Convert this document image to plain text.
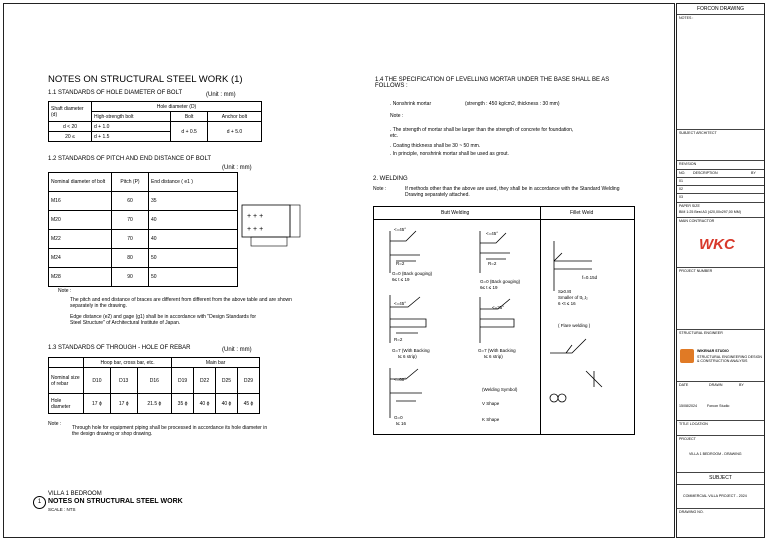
NOTES ON STRUCTURAL STEEL WORK (1)
1.1 STANDARDS OF HOLE DIAMETER OF BOLT	(Unit : mm)
Shaft diameter (d)	Hole diameter (D)		
	High-strength bolt	Bolt	Anchor bolt
d < 20	d + 1.0	d + 0.5	d + 5.0
20 ≤	d + 1.5		
1.2 STANDARDS OF PITCH AND END DISTANCE OF BOLT
(Unit : mm)
Nominal diameter of bolt	Pitch (P)	End distance ( e1 )
M16	60	35
M20	70	40
M22	70	40
M24	80	50
M28	90	50
+ + +
+ + +
Note :
The pitch and end distance of braces are different from different from the above table and are shown separately in the drawing.
Edge distance (e2) and gage (g1) shall be in accordance with "Design Standards for Steel Structure" of Architectural Institute of Japan.
1.3 STANDARDS OF THROUGH - HOLE OF REBAR	(Unit : mm)
	Hoop bar, cross bar, etc.			Main bar			
Nominal size of rebar	D10	D13	D16	D19	D22	D25	D29
Hole diameter	17 ϕ	17 ϕ	21.5 ϕ	35 ϕ	40 ϕ	40 ϕ	45 ϕ
Note :
Through hole for equipment piping shall be processed in accordance its hole diameter in the design drawing or shop drawing.
1.4 THE SPECIFICATION OF LEVELLING MORTAR UNDER THE BASE SHALL BE AS FOLLOWS :
. Nonshrink mortar	(strength : 450 kg/cm2, thickness : 30 mm)
Note :
. The strength of mortar shall be larger than the strength of concrete for foundation, etc.
. Coating thickness shall be 30 ~ 50 mm.
. In principle, nonshrink mortar shall be used as grout.
2. WELDING
Note :	If methods other than the above are used, they shall be in accordance with the Standard Welding Drawing separately attached.
Butt Welding	Fillet Weld
<=45°
<=45°
R=2	R=2
G=0 (Back gouging)
6≤ t ≤ 19	G=0 (Back gouging)
6≤ t ≤ 19
<=45°
<=35°
R=2
G=7 (With Backing
t≤ 6 strip)
G=7 (With Backing
t≤ 6 strip)
<=60°
G=0
t≤ 16
(Welding Symbol)
V Shape
K Shape
f=0.15d
S≥0.8t
Smaller of tt₁,t₂
6 <t ≤ 16
( Flare welding )
1
VILLA 1 BEDROOM
NOTES ON STRUCTURAL STEEL WORK
SCALE : NTS
FORCON DRAWING
NOTES :
SUBJECT ARCHITECT
REVISION
NO. DESCRIPTION	BY
01
02
03
PAPER SIZE
BIM 1:25 Best A3 (420,00x297,00 MM)
MAIN CONTRACTOR
WKC
PROJECT NUMBER
STRUCTURAL ENGINEER
WIKENAR STUDIO
STRUCTURAL ENGINEERING DESIGN & CONSTRUCTION ANALYSIS
DATE	DRAWN	BY
15/08/2024	Forcon Studio
TITLE LOCATION
PROJECT
VILLA 1 BEDROOM - DRAWING
SUBJECT
COMMERCIAL VILLA PROJECT - 2024
DRAWING NO.
